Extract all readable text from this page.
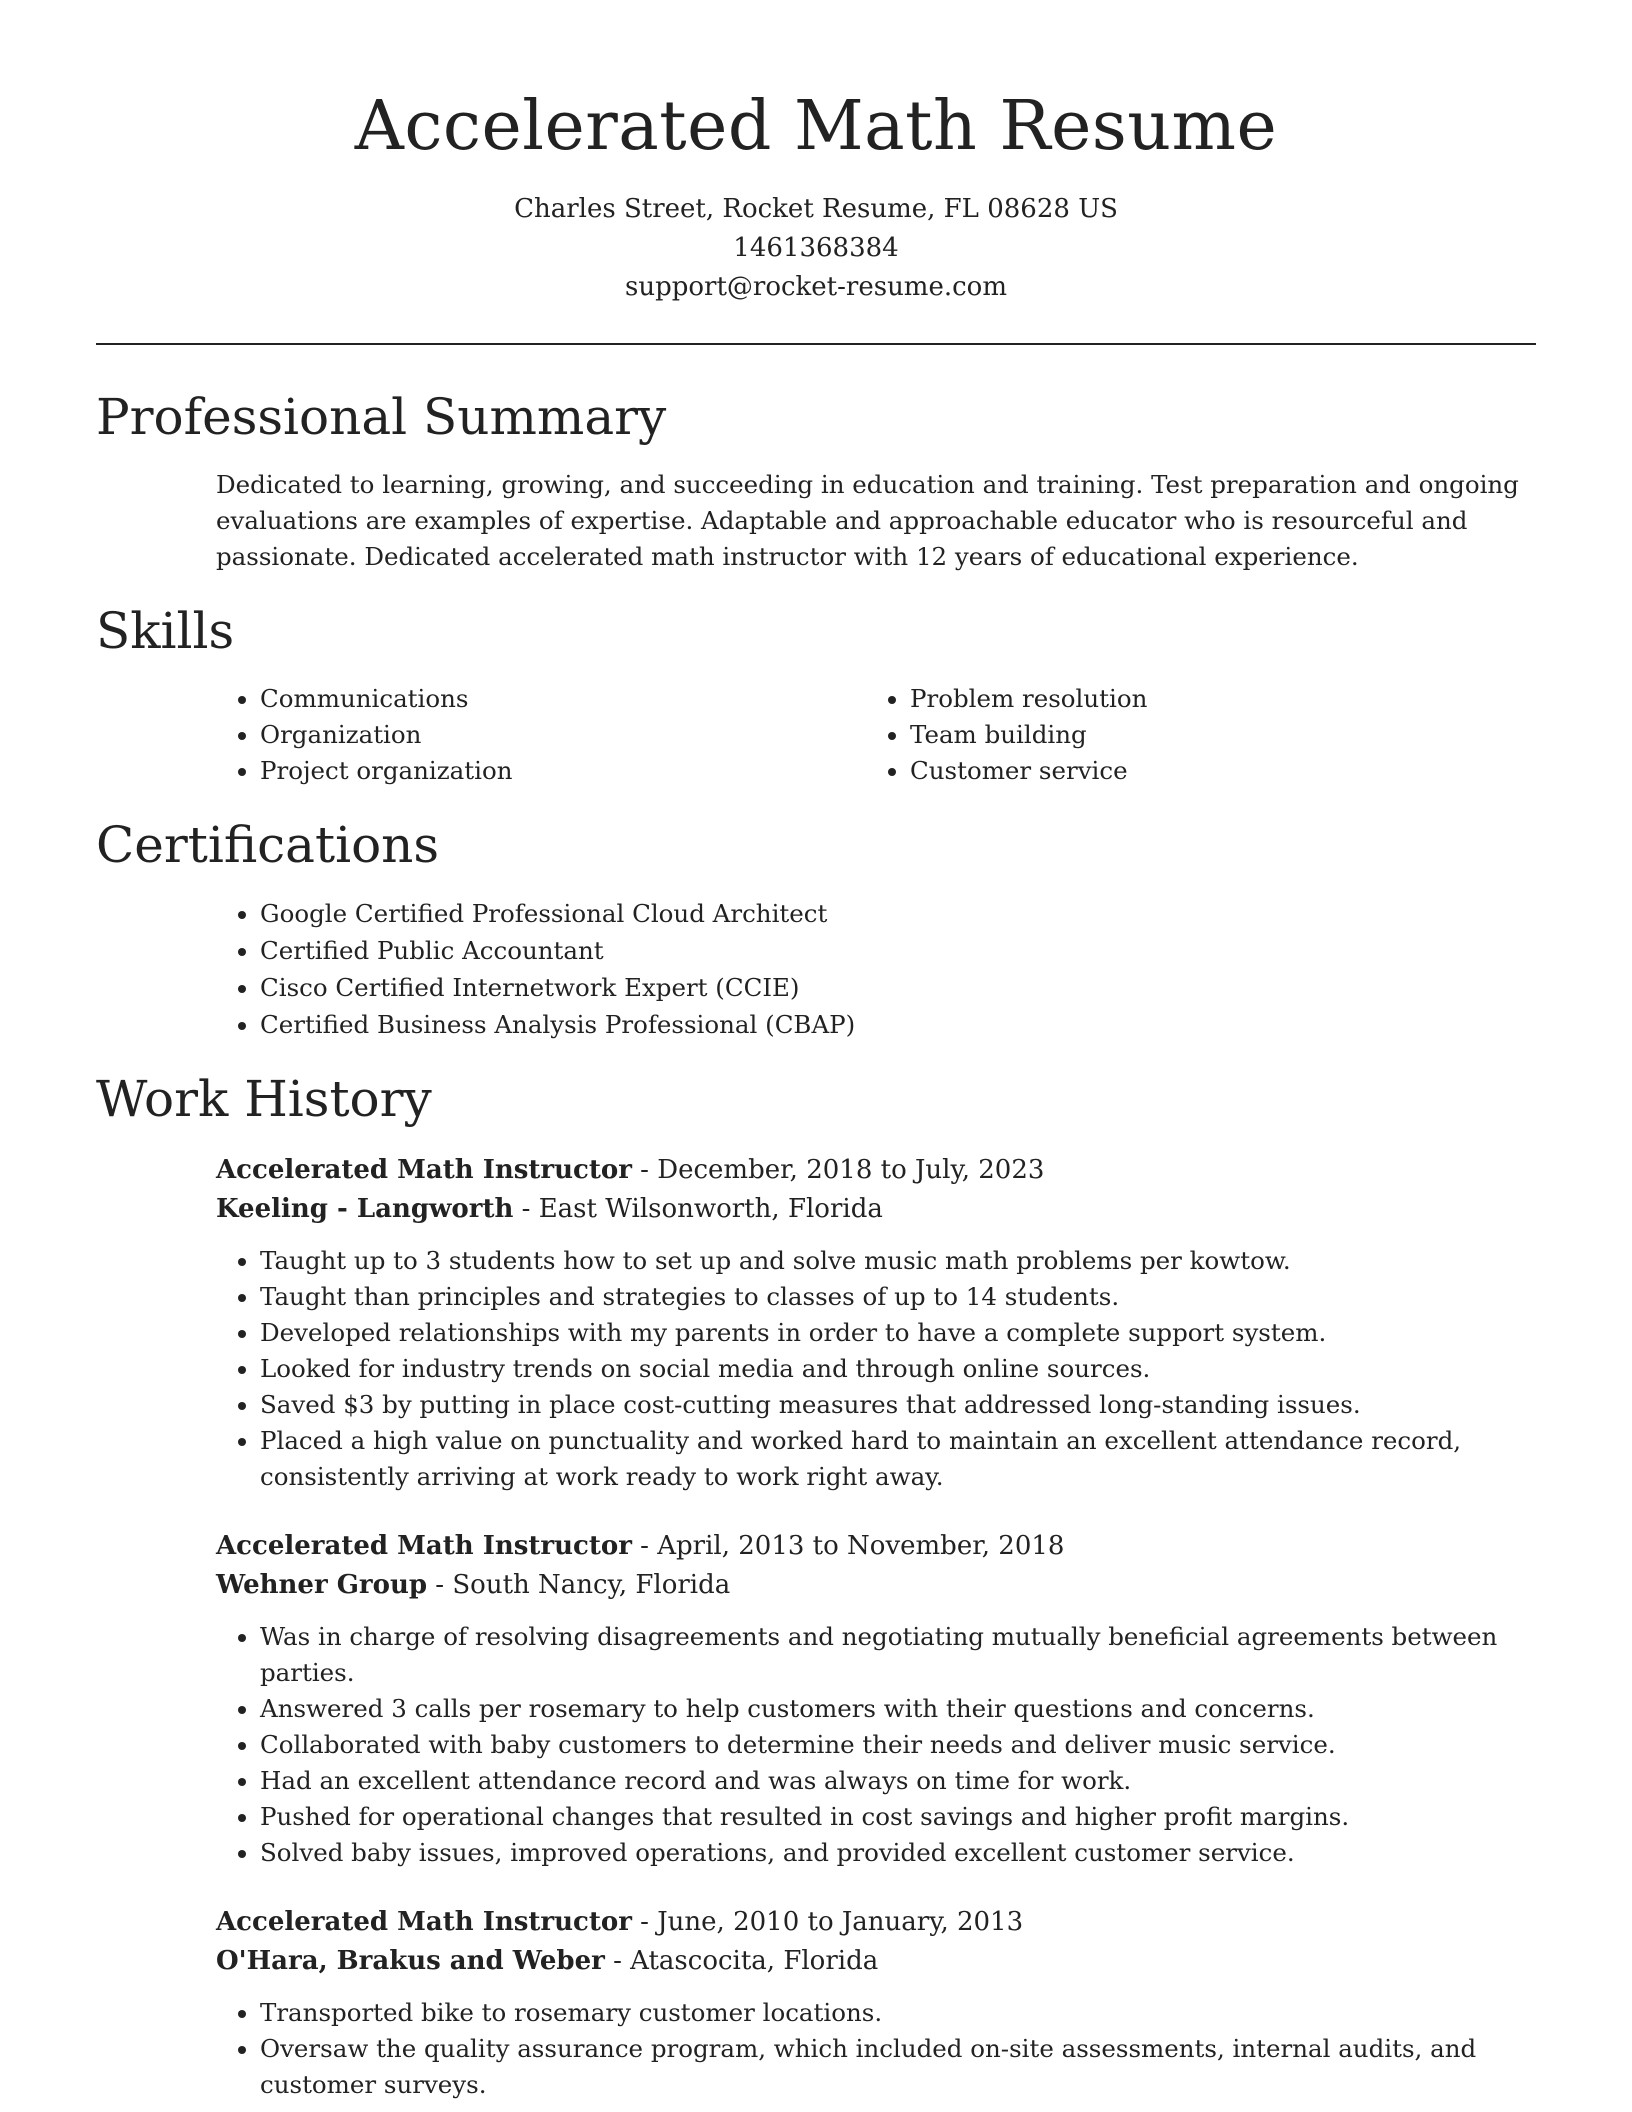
Accelerated Math Resume

Charles Street, Rocket Resume, FL 08628 US

1461368384

support@rocket-resume.com

Professional Summary

Dedicated to learning, growing, and succeeding in education and training. Test preparation and ongoing evaluations are examples of expertise. Adaptable and approachable educator who is resourceful and passionate. Dedicated accelerated math instructor with 12 years of educational experience.

Skills
• Communications
• Organization
• Project organization
• Problem resolution
• Team building
• Customer service
Certifications
• Google Certified Professional Cloud Architect
• Certified Public Accountant
• Cisco Certified Internetwork Expert (CCIE)
• Certified Business Analysis Professional (CBAP)
Work History

Accelerated Math Instructor - December, 2018 to July, 2023

Keeling - Langworth - East Wilsonworth, Florida

• Taught up to 3 students how to set up and solve music math problems per kowtow.
• Taught than principles and strategies to classes of up to 14 students.
• Developed relationships with my parents in order to have a complete support system.
• Looked for industry trends on social media and through online sources.
• Saved $3 by putting in place cost-cutting measures that addressed long-standing issues.
• Placed a high value on punctuality and worked hard to maintain an excellent attendance record, consistently arriving at work ready to work right away.

Accelerated Math Instructor - April, 2013 to November, 2018

Wehner Group - South Nancy, Florida

• Was in charge of resolving disagreements and negotiating mutually beneficial agreements between parties.
• Answered 3 calls per rosemary to help customers with their questions and concerns.
• Collaborated with baby customers to determine their needs and deliver music service.
• Had an excellent attendance record and was always on time for work.
• Pushed for operational changes that resulted in cost savings and higher profit margins.
• Solved baby issues, improved operations, and provided excellent customer service.

Accelerated Math Instructor - June, 2010 to January, 2013

O'Hara, Brakus and Weber - Atascocita, Florida

• Transported bike to rosemary customer locations.
• Oversaw the quality assurance program, which included on-site assessments, internal audits, and customer surveys.
